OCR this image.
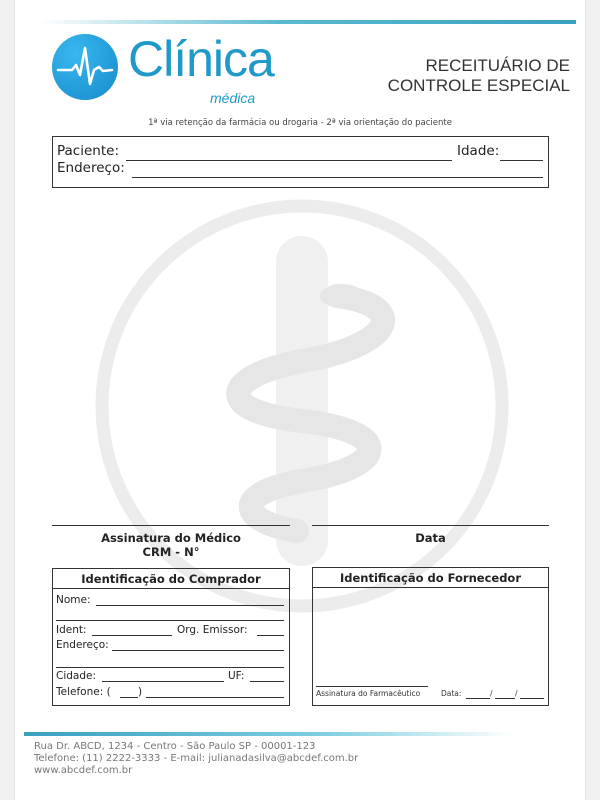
Clínica
médica
RECEITUÁRIO DE
CONTROLE ESPECIAL
1ª via retenção da farmácia ou drogaria - 2ª via orientação do paciente
Paciente:	Idade:
Endereço:
Assinatura do Médico
CRM - N°
Data
Identificação do Comprador
Nome:
Ident:	Org. Emissor:
Endereço:
Cidade:	UF:
Telefone: (	)
Identificação do Fornecedor
Assinatura do Farmacêutico	Data:	/	/
Rua Dr. ABCD, 1234 - Centro - São Paulo SP - 00001-123
Telefone: (11) 2222-3333 - E-mail: julianadasilva@abcdef.com.br
www.abcdef.com.br
